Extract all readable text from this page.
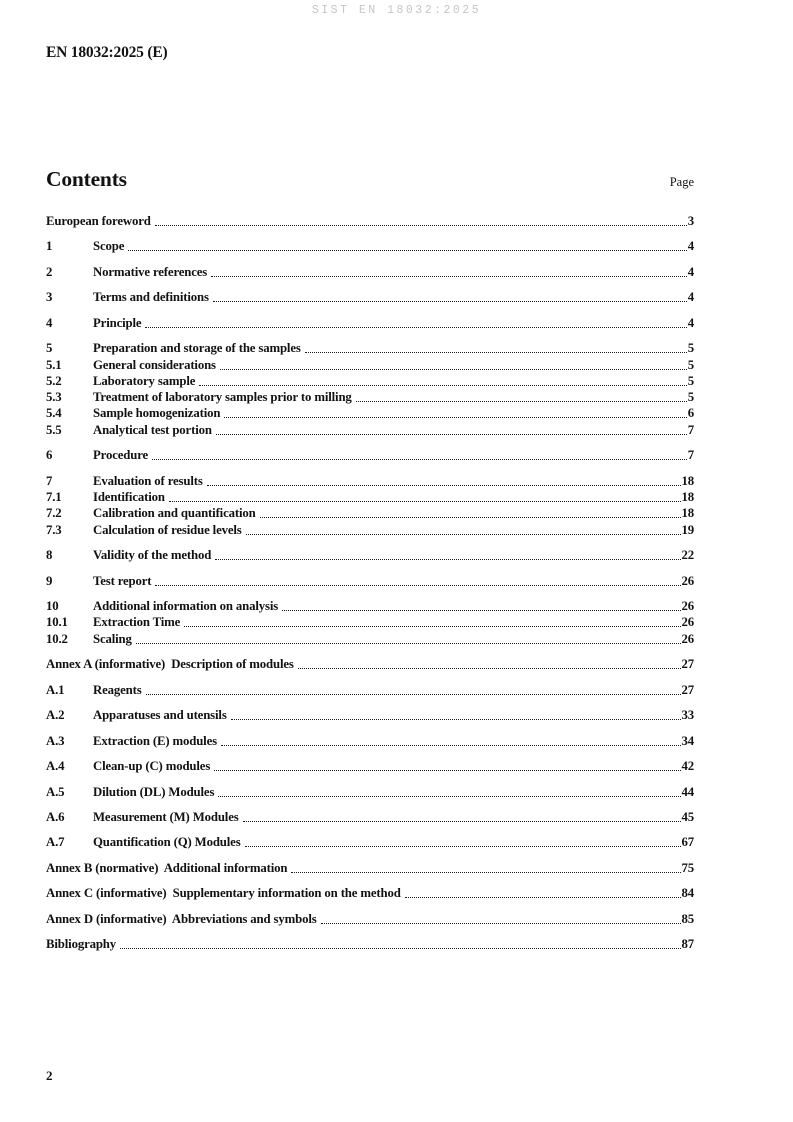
SIST EN 18032:2025
EN 18032:2025 (E)
Contents	Page
European foreword	3
1	Scope	4
2	Normative references	4
3	Terms and definitions	4
4	Principle	4
5	Preparation and storage of the samples	5
5.1	General considerations	5
5.2	Laboratory sample	5
5.3	Treatment of laboratory samples prior to milling	5
5.4	Sample homogenization	6
5.5	Analytical test portion	7
6	Procedure	7
7	Evaluation of results	18
7.1	Identification	18
7.2	Calibration and quantification	18
7.3	Calculation of residue levels	19
8	Validity of the method	22
9	Test report	26
10	Additional information on analysis	26
10.1	Extraction Time	26
10.2	Scaling	26
Annex A (informative)  Description of modules	27
A.1	Reagents	27
A.2	Apparatuses and utensils	33
A.3	Extraction (E) modules	34
A.4	Clean-up (C) modules	42
A.5	Dilution (DL) Modules	44
A.6	Measurement (M) Modules	45
A.7	Quantification (Q) Modules	67
Annex B (normative)  Additional information	75
Annex C (informative)  Supplementary information on the method	84
Annex D (informative)  Abbreviations and symbols	85
Bibliography	87
2
